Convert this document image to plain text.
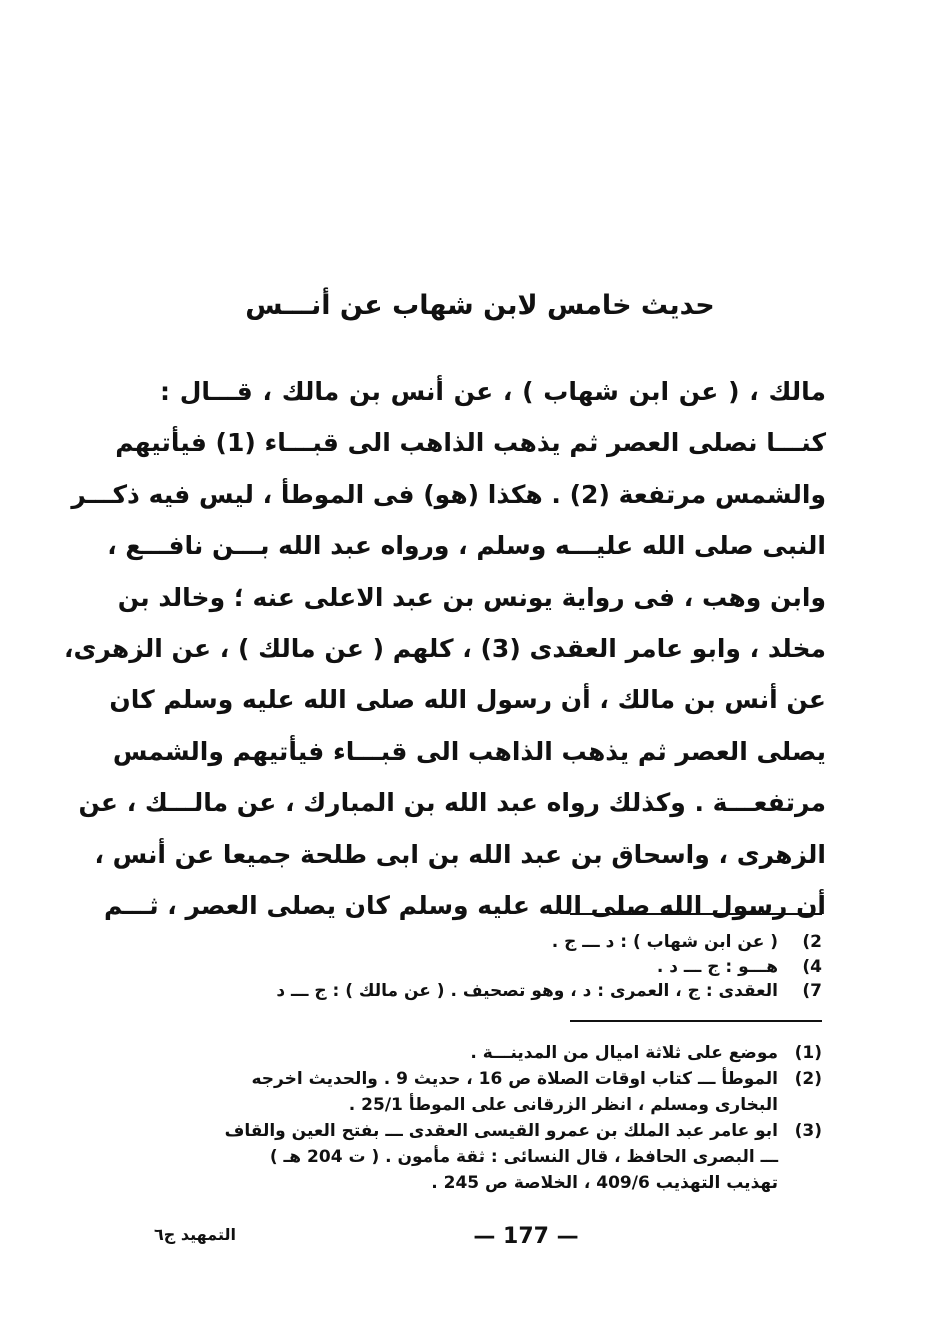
حديث خامس لابن شهاب عن أنـــس
مالك ، ( عن ابن شهاب ) ، عن أنس بن مالك ، قـــال :
كنـــا نصلى العصر ثم يذهب الذاهب الى قبـــاء (1) فيأتيهم
والشمس مرتفعة (2) . هكذا (هو) فى الموطأ ، ليس فيه ذكـــر
النبى صلى الله عليـــه وسلم ، ورواه عبد الله بـــن نافـــع ،
وابن وهب ، فى رواية يونس بن عبد الاعلى عنه ؛ وخالد بن
مخلد ، وابو عامر العقدى (3) ، كلهم ( عن مالك ) ، عن الزهرى،
عن أنس بن مالك ، أن رسول الله صلى الله عليه وسلم كان
يصلى العصر ثم يذهب الذاهب الى قبـــاء فيأتيهم والشمس
مرتفعـــة . وكذلك رواه عبد الله بن المبارك ، عن مالـــك ، عن
الزهرى ، واسحاق بن عبد الله بن ابى طلحة جميعا عن أنس ،
أن رسول الله صلى الله عليه وسلم كان يصلى العصر ، ثـــم
(2
( عن ابن شهاب ) : د ـــ ج .
(4
هـــو : ج ـــ د .
(7
العقدى : ج ، العمرى : د ، وهو تصحيف . ( عن مالك ) : ج ـــ د
(1)
موضع على ثلاثة اميال من المدينـــة .
(2)
الموطأ ـــ كتاب اوقات الصلاة ص 16 ، حديث 9 . والحديث اخرجه
البخارى ومسلم ، انظر الزرقانى على الموطأ 25/1 .
(3)
ابو عامر عبد الملك بن عمرو القيسى العقدى ـــ بفتح العين والقاف
ـــ البصرى الحافظ ، قال النسائى : ثقة مأمون . ( ت 204 هـ )
تهذيب التهذيب 409/6 ، الخلاصة ص 245 .
— 177 —
التمهيد ج٦
